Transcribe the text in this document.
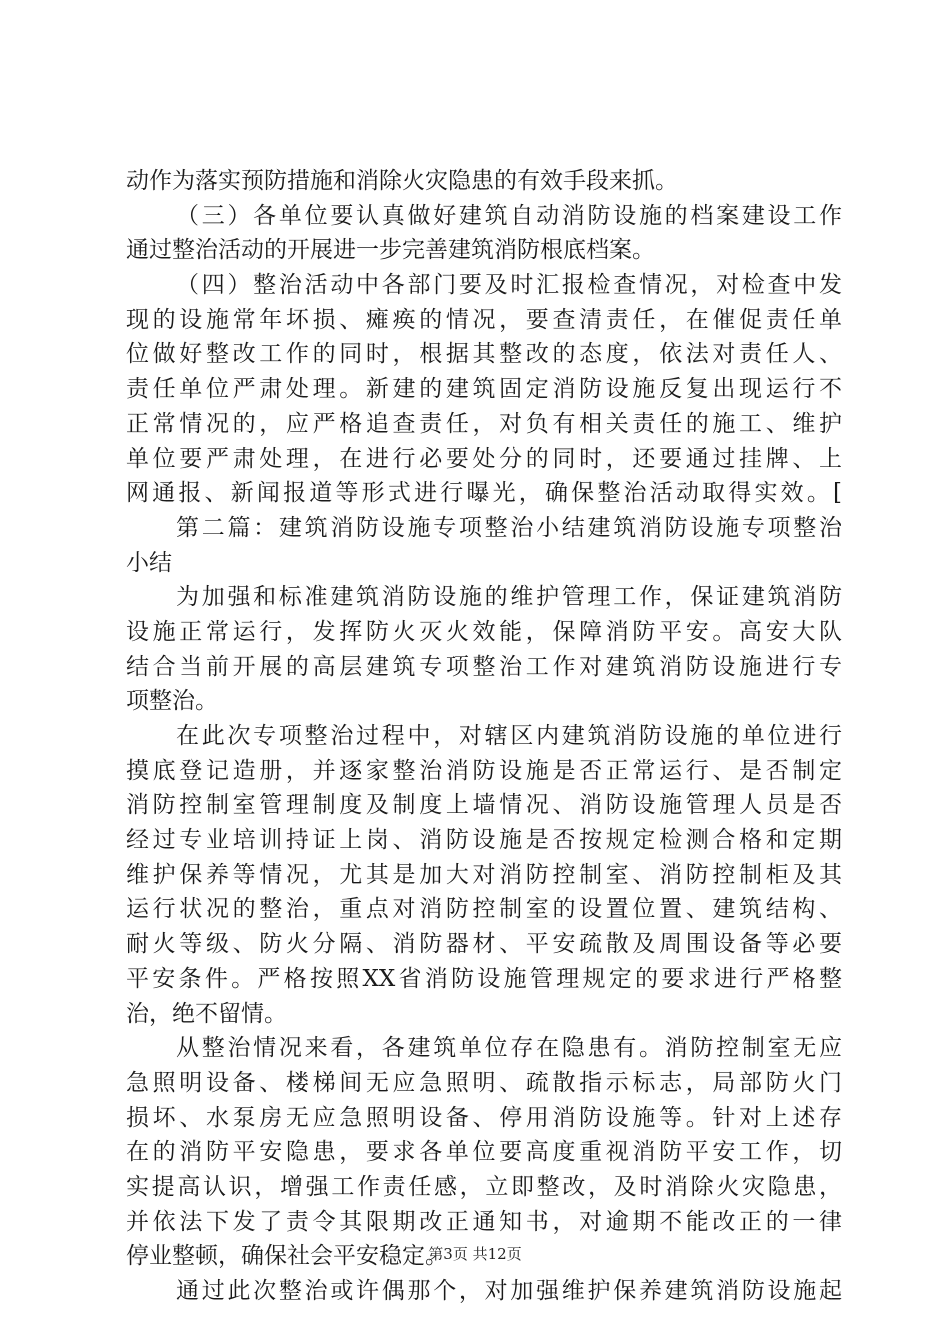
动作为落实预防措施和消除火灾隐患的有效手段来抓。
（三）各单位要认真做好建筑自动消防设施的档案建设工作
通过整治活动的开展进一步完善建筑消防根底档案。
（四）整治活动中各部门要及时汇报检查情况，对检查中发
现的设施常年坏损、瘫痪的情况，要查清责任，在催促责任单
位做好整改工作的同时，根据其整改的态度，依法对责任人、
责任单位严肃处理。新建的建筑固定消防设施反复出现运行不
正常情况的，应严格追查责任，对负有相关责任的施工、维护
单位要严肃处理，在进行必要处分的同时，还要通过挂牌、上
网通报、新闻报道等形式进行曝光，确保整治活动取得实效。[
第二篇：建筑消防设施专项整治小结建筑消防设施专项整治
小结
为加强和标准建筑消防设施的维护管理工作，保证建筑消防
设施正常运行，发挥防火灭火效能，保障消防平安。高安大队
结合当前开展的高层建筑专项整治工作对建筑消防设施进行专
项整治。
在此次专项整治过程中，对辖区内建筑消防设施的单位进行
摸底登记造册，并逐家整治消防设施是否正常运行、是否制定
消防控制室管理制度及制度上墙情况、消防设施管理人员是否
经过专业培训持证上岗、消防设施是否按规定检测合格和定期
维护保养等情况，尤其是加大对消防控制室、消防控制柜及其
运行状况的整治，重点对消防控制室的设置位置、建筑结构、
耐火等级、防火分隔、消防器材、平安疏散及周围设备等必要
平安条件。严格按照XX省消防设施管理规定的要求进行严格整
治，绝不留情。
从整治情况来看，各建筑单位存在隐患有。消防控制室无应
急照明设备、楼梯间无应急照明、疏散指示标志，局部防火门
损坏、水泵房无应急照明设备、停用消防设施等。针对上述存
在的消防平安隐患，要求各单位要高度重视消防平安工作，切
实提高认识，增强工作责任感，立即整改，及时消除火灾隐患，
并依法下发了责令其限期改正通知书，对逾期不能改正的一律
停业整顿，确保社会平安稳定。
通过此次整治或许偶那个，对加强维护保养建筑消防设施起
第3页 共12页
